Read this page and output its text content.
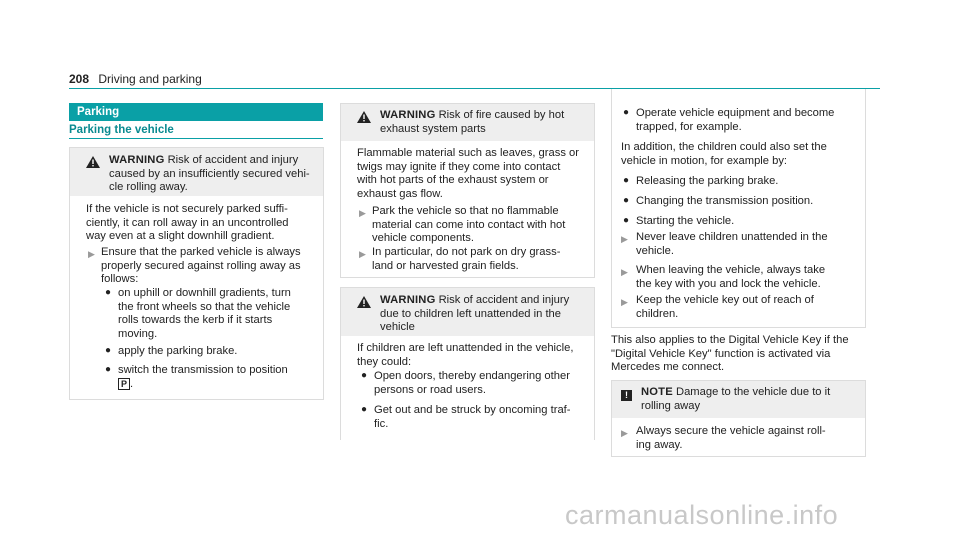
208 Driving and parking
Parking
Parking the vehicle
WARNING Risk of accident and injury
caused by an insufficiently secured vehi-
cle rolling away.
If the vehicle is not securely parked suffi-
ciently, it can roll away in an uncontrolled
way even at a slight downhill gradient.
▶ Ensure that the parked vehicle is always
properly secured against rolling away as
follows:
● on uphill or downhill gradients, turn
the front wheels so that the vehicle
rolls towards the kerb if it starts
moving.
● apply the parking brake.
● switch the transmission to position
P .
WARNING Risk of fire caused by hot
exhaust system parts
Flammable material such as leaves, grass or
twigs may ignite if they come into contact
with hot parts of the exhaust system or
exhaust gas flow.
▶ Park the vehicle so that no flammable
material can come into contact with hot
vehicle components.
▶ In particular, do not park on dry grass-
land or harvested grain fields.
WARNING Risk of accident and injury
due to children left unattended in the
vehicle
If children are left unattended in the vehicle,
they could:
● Open doors, thereby endangering other
persons or road users.
● Get out and be struck by oncoming traf-
fic.
● Operate vehicle equipment and become
trapped, for example.
In addition, the children could also set the
vehicle in motion, for example by:
● Releasing the parking brake.
● Changing the transmission position.
● Starting the vehicle.
▶ Never leave children unattended in the
vehicle.
▶ When leaving the vehicle, always take
the key with you and lock the vehicle.
▶ Keep the vehicle key out of reach of
children.
This also applies to the Digital Vehicle Key if the
"Digital Vehicle Key" function is activated via
Mercedes me connect.
!	NOTE Damage to the vehicle due to it
rolling away
▶ Always secure the vehicle against roll-
ing away.
carmanualsonline.info
